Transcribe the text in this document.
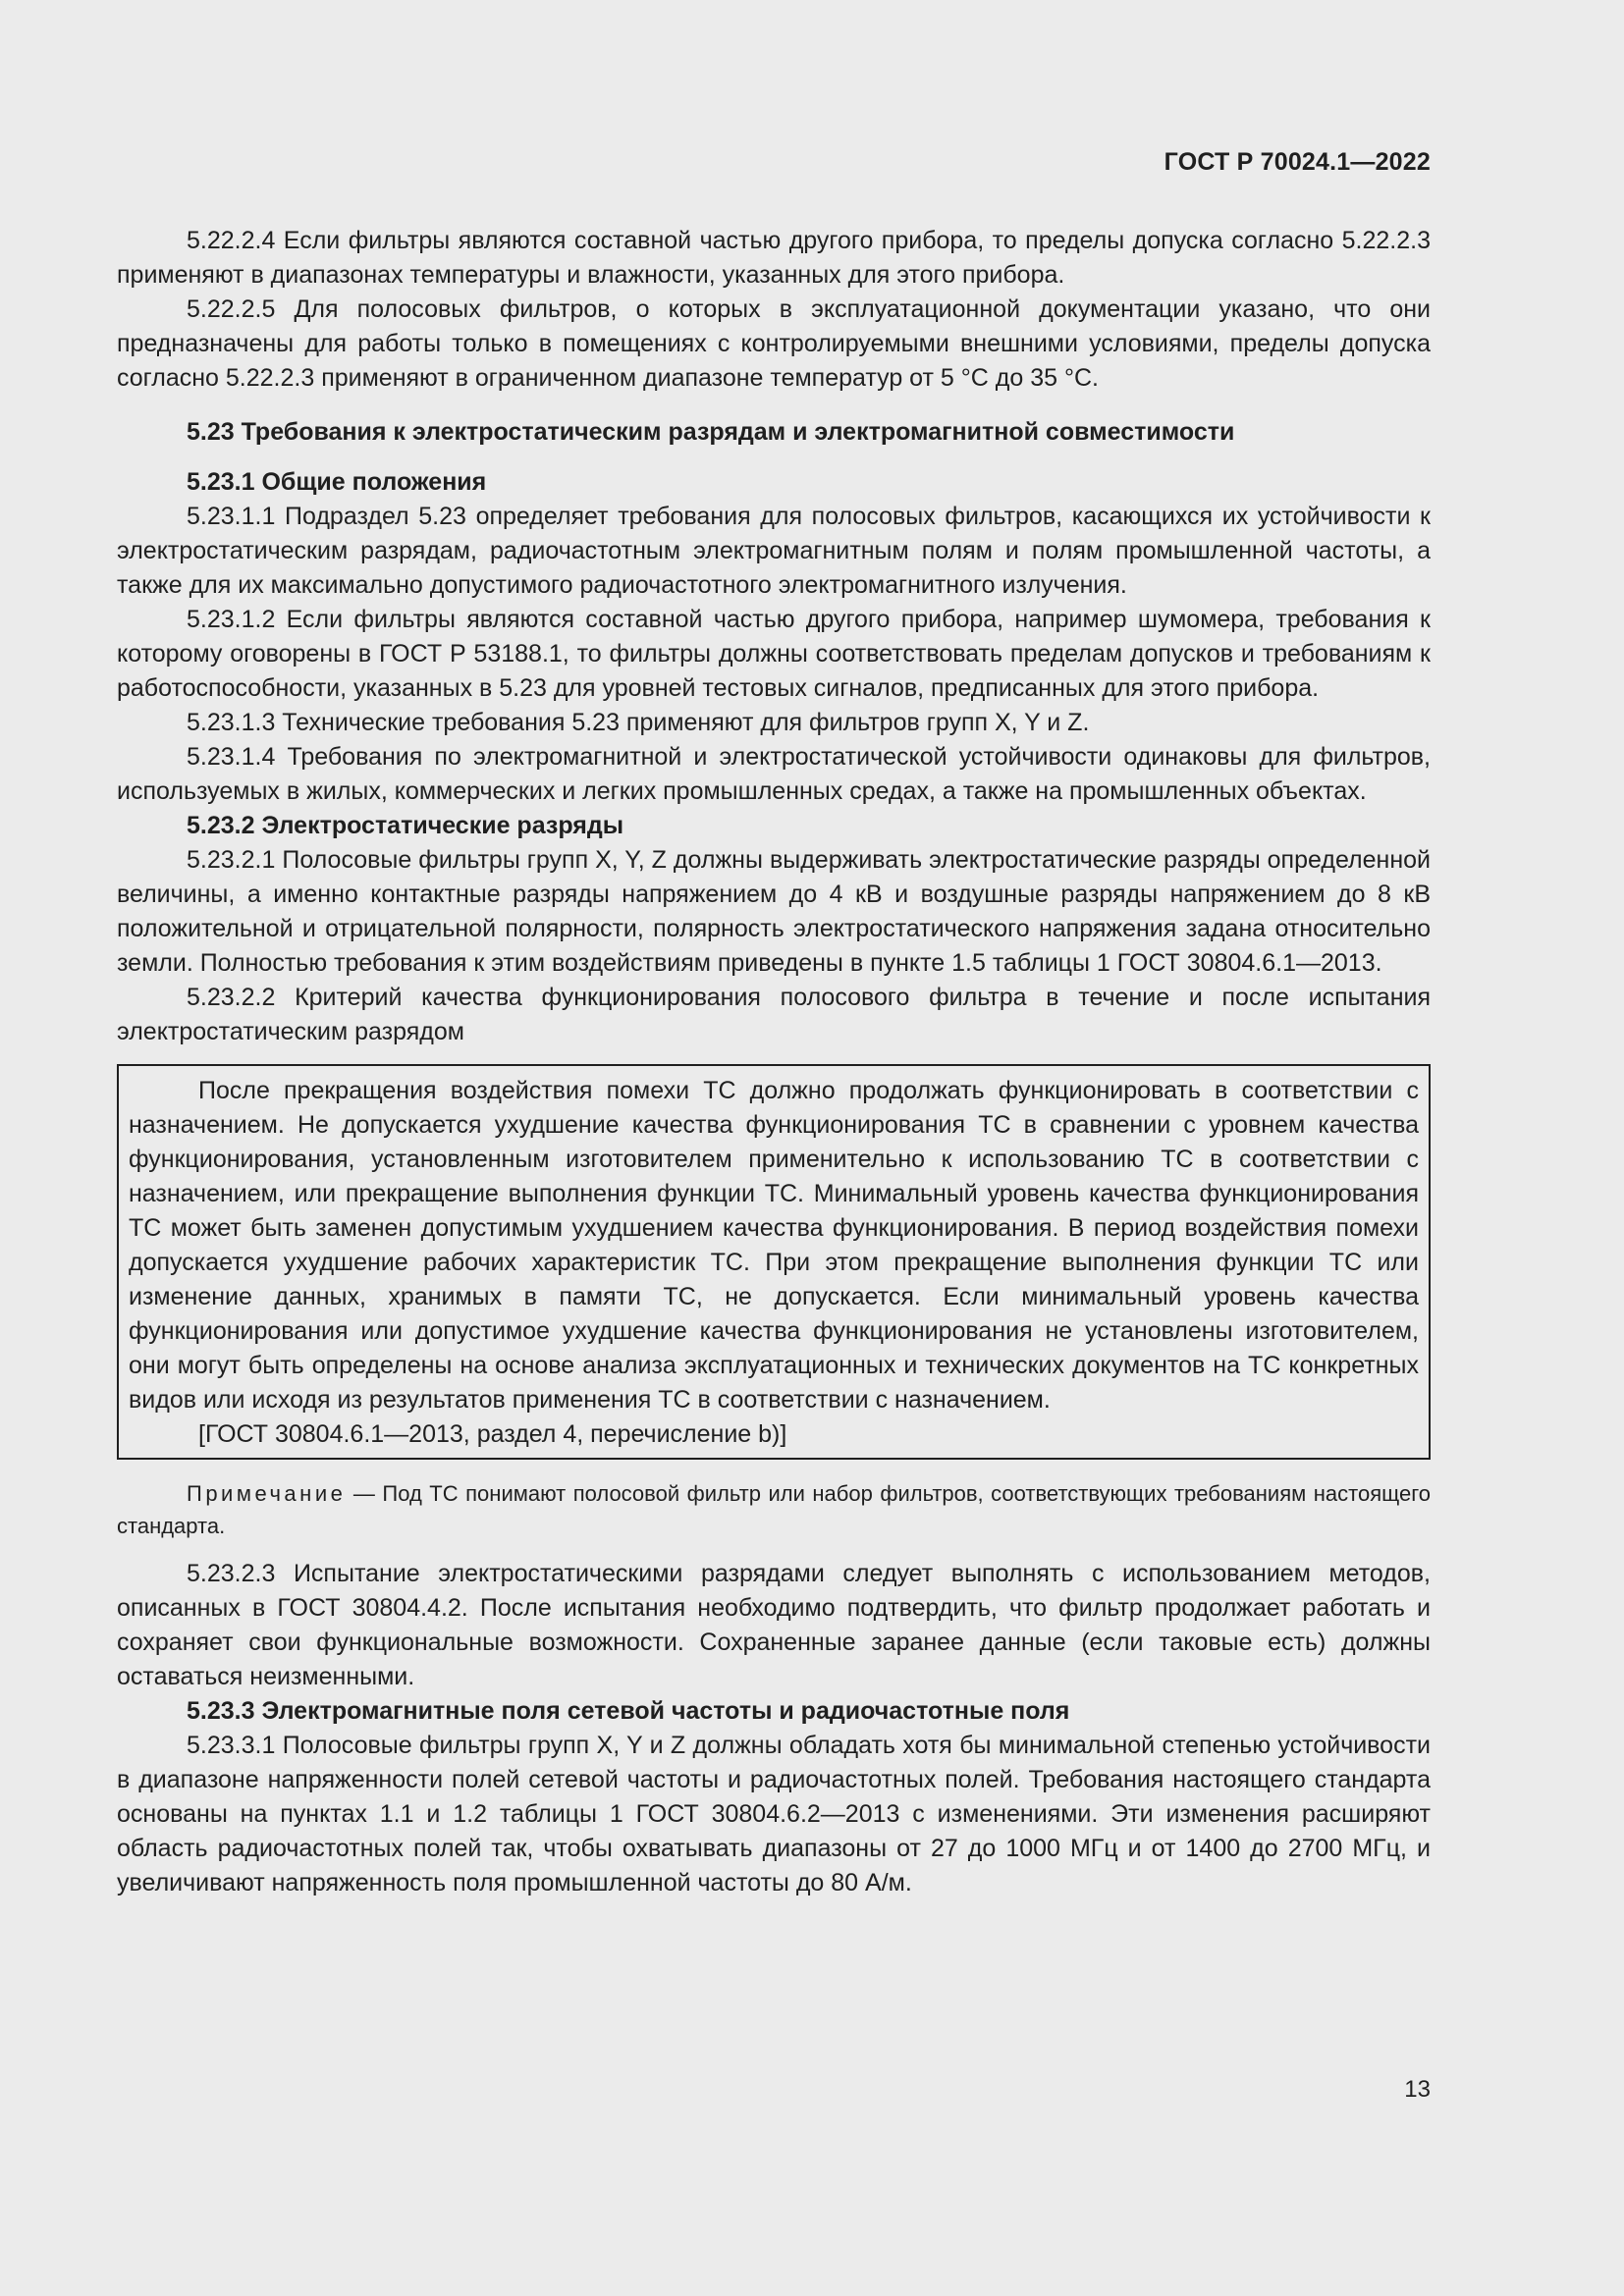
ГОСТ Р 70024.1—2022

5.22.2.4 Если фильтры являются составной частью другого прибора, то пределы допуска согласно 5.22.2.3 применяют в диапазонах температуры и влажности, указанных для этого прибора.

5.22.2.5 Для полосовых фильтров, о которых в эксплуатационной документации указано, что они предназначены для работы только в помещениях с контролируемыми внешними условиями, пределы допуска согласно 5.22.2.3 применяют в ограниченном диапазоне температур от 5 °С до 35 °С.

5.23 Требования к электростатическим разрядам и электромагнитной совместимости

5.23.1 Общие положения

5.23.1.1 Подраздел 5.23 определяет требования для полосовых фильтров, касающихся их устойчивости к электростатическим разрядам, радиочастотным электромагнитным полям и полям промышленной частоты, а также для их максимально допустимого радиочастотного электромагнитного излучения.

5.23.1.2 Если фильтры являются составной частью другого прибора, например шумомера, требования к которому оговорены в ГОСТ Р 53188.1, то фильтры должны соответствовать пределам допусков и требованиям к работоспособности, указанных в 5.23 для уровней тестовых сигналов, предписанных для этого прибора.

5.23.1.3 Технические требования 5.23 применяют для фильтров групп X, Y и Z.

5.23.1.4 Требования по электромагнитной и электростатической устойчивости одинаковы для фильтров, используемых в жилых, коммерческих и легких промышленных средах, а также на промышленных объектах.

5.23.2 Электростатические разряды

5.23.2.1 Полосовые фильтры групп X, Y, Z должны выдерживать электростатические разряды определенной величины, а именно контактные разряды напряжением до 4 кВ и воздушные разряды напряжением до 8 кВ положительной и отрицательной полярности, полярность электростатического напряжения задана относительно земли. Полностью требования к этим воздействиям приведены в пункте 1.5 таблицы 1 ГОСТ 30804.6.1—2013.

5.23.2.2 Критерий качества функционирования полосового фильтра в течение и после испытания электростатическим разрядом

После прекращения воздействия помехи ТС должно продолжать функционировать в соответствии с назначением. Не допускается ухудшение качества функционирования ТС в сравнении с уровнем качества функционирования, установленным изготовителем применительно к использованию ТС в соответствии с назначением, или прекращение выполнения функции ТС. Минимальный уровень качества функционирования ТС может быть заменен допустимым ухудшением качества функционирования. В период воздействия помехи допускается ухудшение рабочих характеристик ТС. При этом прекращение выполнения функции ТС или изменение данных, хранимых в памяти ТС, не допускается. Если минимальный уровень качества функционирования или допустимое ухудшение качества функционирования не установлены изготовителем, они могут быть определены на основе анализа эксплуатационных и технических документов на ТС конкретных видов или исходя из результатов применения ТС в соответствии с назначением.

[ГОСТ 30804.6.1—2013, раздел 4, перечисление b)]

Примечание — Под ТС понимают полосовой фильтр или набор фильтров, соответствующих требованиям настоящего стандарта.

5.23.2.3 Испытание электростатическими разрядами следует выполнять с использованием методов, описанных в ГОСТ 30804.4.2. После испытания необходимо подтвердить, что фильтр продолжает работать и сохраняет свои функциональные возможности. Сохраненные заранее данные (если таковые есть) должны оставаться неизменными.

5.23.3 Электромагнитные поля сетевой частоты и радиочастотные поля

5.23.3.1 Полосовые фильтры групп X, Y и Z должны обладать хотя бы минимальной степенью устойчивости в диапазоне напряженности полей сетевой частоты и радиочастотных полей. Требования настоящего стандарта основаны на пунктах 1.1 и 1.2 таблицы 1 ГОСТ 30804.6.2—2013 с изменениями. Эти изменения расширяют область радиочастотных полей так, чтобы охватывать диапазоны от 27 до 1000 МГц и от 1400 до 2700 МГц, и увеличивают напряженность поля промышленной частоты до 80 А/м.

13
